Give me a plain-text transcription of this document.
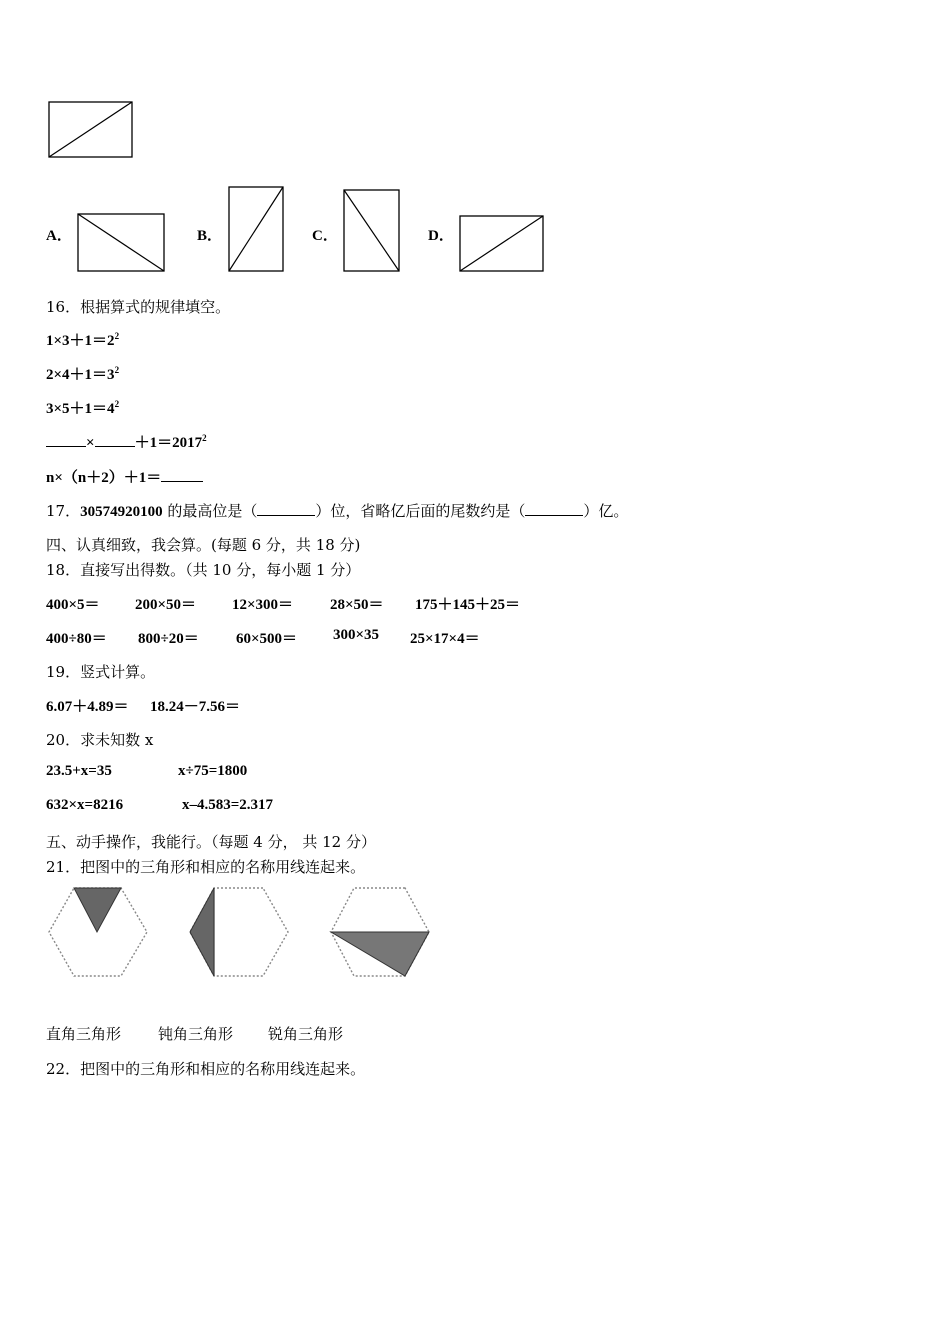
A．	B．	C．	D．
16．根据算式的规律填空。
$1\times 3+1=2^2$
$2\times 4+1=3^2$
$3\times 5+1=4^2$
×	$+1=2017^2$
n×（n＋2）＋1＝
17．30574920100 的最高位是（	）位，省略亿后面的尾数约是（	）亿。
四、认真细致，我会算。(每题 6 分，共 18 分)
18．直接写出得数。（共 10 分，每小题 1 分）
400×5＝ 200×50＝ 12×300＝ 28×50＝ 175＋145＋25＝
400÷80＝ 800÷20＝ 60×500＝ 300×35 25×17×4＝
19．竖式计算。
6.07＋4.89＝ 18.24－7.56＝
20．求未知数 x
23.5+x=35	x÷75=1800
632×x=8216	x–4.583=2.317
五、动手操作，我能行。（每题 4 分， 共 12 分）
21．把图中的三角形和相应的名称用线连起来。
直角三角形 钝角三角形 锐角三角形
22．把图中的三角形和相应的名称用线连起来。
